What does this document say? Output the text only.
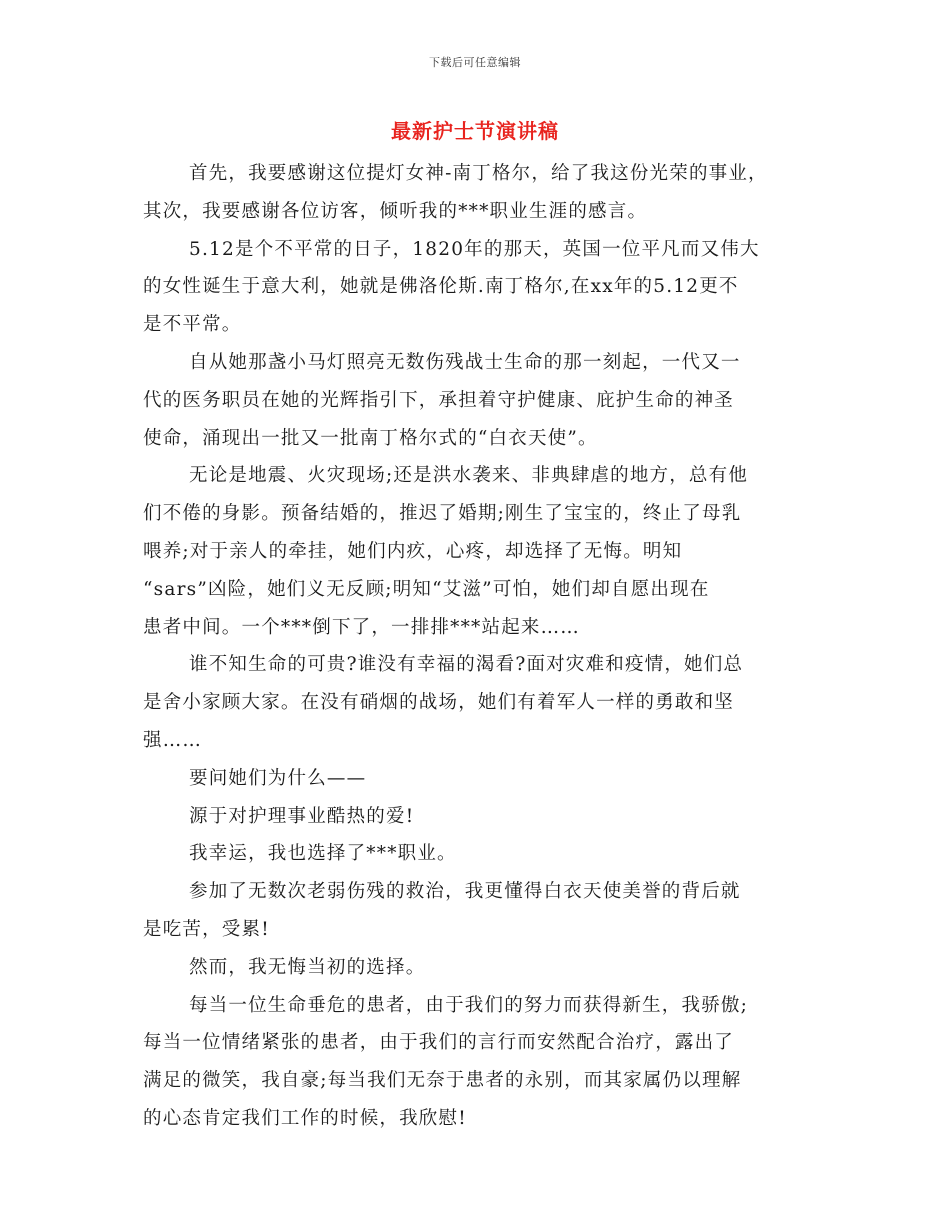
下载后可任意编辑
最新护士节演讲稿

首先，我要感谢这位提灯女神-南丁格尔，给了我这份光荣的事业，
其次，我要感谢各位访客，倾听我的***职业生涯的感言。

5.12是个不平常的日子，1820年的那天，英国一位平凡而又伟大
的女性诞生于意大利，她就是佛洛伦斯.南丁格尔,在xx年的5.12更不
是不平常。

自从她那盏小马灯照亮无数伤残战士生命的那一刻起，一代又一
代的医务职员在她的光辉指引下，承担着守护健康、庇护生命的神圣
使命，涌现出一批又一批南丁格尔式的“白衣天使”。

无论是地震、火灾现场;还是洪水袭来、非典肆虐的地方，总有他
们不倦的身影。预备结婚的，推迟了婚期;刚生了宝宝的，终止了母乳
喂养;对于亲人的牵挂，她们内疚，心疼，却选择了无悔。明知
“sars”凶险，她们义无反顾;明知“艾滋”可怕，她们却自愿出现在
患者中间。一个***倒下了，一排排***站起来……

谁不知生命的可贵?谁没有幸福的渴看?面对灾难和疫情，她们总
是舍小家顾大家。在没有硝烟的战场，她们有着军人一样的勇敢和坚
强……

要问她们为什么——

源于对护理事业酷热的爱!

我幸运，我也选择了***职业。

参加了无数次老弱伤残的救治，我更懂得白衣天使美誉的背后就
是吃苦，受累!

然而，我无悔当初的选择。

每当一位生命垂危的患者，由于我们的努力而获得新生，我骄傲;
每当一位情绪紧张的患者，由于我们的言行而安然配合治疗，露出了
满足的微笑，我自豪;每当我们无奈于患者的永别，而其家属仍以理解
的心态肯定我们工作的时候，我欣慰!
